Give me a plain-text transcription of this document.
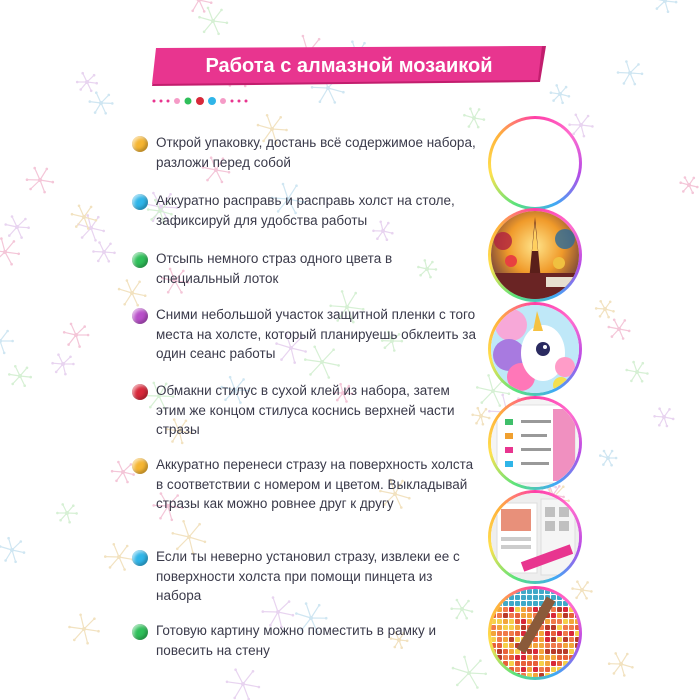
Работа с алмазной мозаикой
Открой упаковку, достань всё содержимое набора, разложи перед собой
Аккуратно расправь и расправь холст на столе, зафиксируй для удобства работы
Отсыпь немного страз одного цвета в специальный лоток
Сними небольшой участок защитной пленки с того места на холсте, который планируешь обклеить за один сеанс работы
Обмакни стилус в сухой клей из набора, затем этим же концом стилуса коснись верхней части стразы
Аккуратно перенеси стразу на поверхность холста в соответствии с номером и цветом. Выкладывай стразы как можно ровнее друг к другу
Если ты неверно установил стразу, извлеки ее с поверхности холста при помощи пинцета из набора
Готовую картину можно поместить в рамку и повесить на стену
